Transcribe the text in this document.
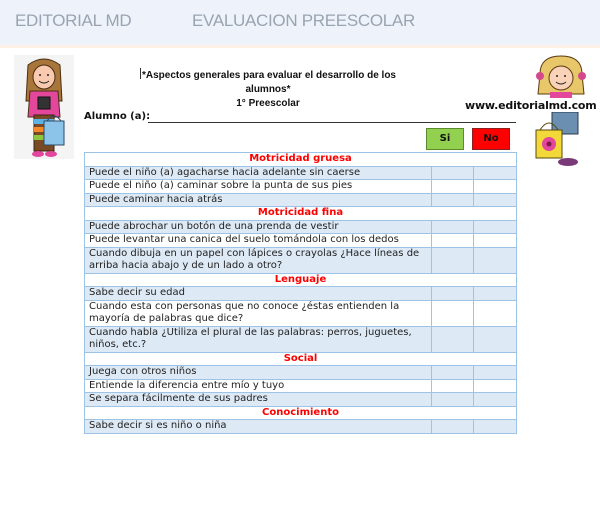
EDITORIAL MD	EVALUACION PREESCOLAR
*Aspectos generales para evaluar el desarrollo de los alumnos*
1° Preescolar	www.editorialmd.com
Alumno (a):
Si	No
Motricidad gruesa		
Puede el niño (a) agacharse hacia adelante sin caerse		
Puede el niño (a) caminar sobre la punta de sus pies		
Puede caminar hacia atrás		
Motricidad fina		
Puede abrochar un botón de una prenda de vestir		
Puede levantar una canica del suelo tomándola con los dedos		
Cuando dibuja en un papel con lápices o crayolas ¿Hace líneas de arriba hacia abajo y de un lado a otro?		
Lenguaje		
Sabe decir su edad		
Cuando esta con personas que no conoce ¿éstas entienden la mayoría de palabras que dice?		
Cuando habla ¿Utiliza el plural de las palabras: perros, juguetes, niños, etc.?		
Social		
Juega con otros niños		
Entiende la diferencia entre mío y tuyo		
Se separa fácilmente de sus padres		
Conocimiento		
Sabe decir si es niño o niña		
